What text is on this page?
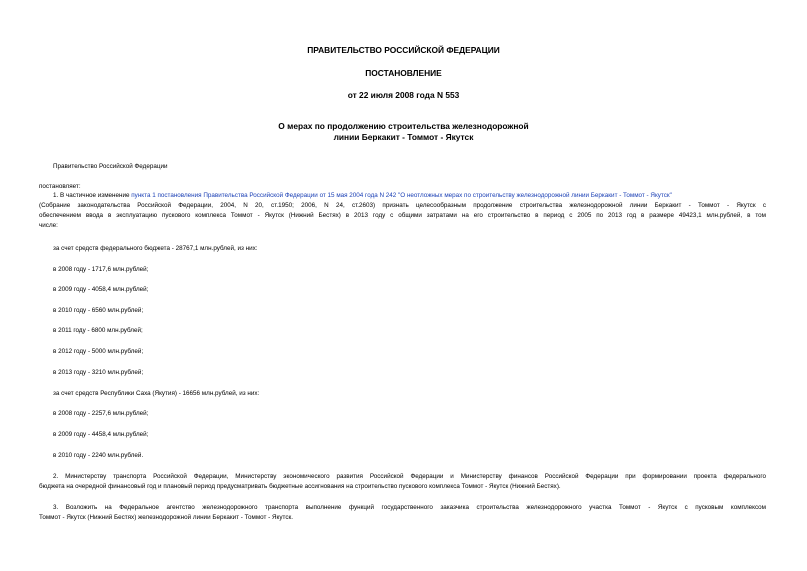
ПРАВИТЕЛЬСТВО РОССИЙСКОЙ ФЕДЕРАЦИИ
ПОСТАНОВЛЕНИЕ
от 22 июля 2008 года N 553
О мерах по продолжению строительства железнодорожной
линии Беркакит - Томмот - Якутск
Правительство Российской Федерации
постановляет:
1. В частичное изменение пункта 1 постановления Правительства Российской Федерации от 15 мая 2004 года N 242 "О неотложных мерах по строительству железнодорожной линии Беркакит - Томмот - Якутск"
(Собрание законодательства Российской Федерации, 2004, N 20, ст.1950; 2006, N 24, ст.2603) признать целесообразным продолжение строительства железнодорожной линии Беркакит - Томмот - Якутск с
обеспечением ввода в эксплуатацию пускового комплекса Томмот - Якутск (Нижний Бестях) в 2013 году с общими затратами на его строительство в период с 2005 по 2013 год в размере 49423,1 млн.рублей, в том
числе:
за счет средств федерального бюджета - 28767,1 млн.рублей, из них:
в 2008 году - 1717,6 млн.рублей;
в 2009 году - 4058,4 млн.рублей;
в 2010 году - 6560 млн.рублей;
в 2011 году - 6800 млн.рублей;
в 2012 году - 5000 млн.рублей;
в 2013 году - 3210 млн.рублей;
за счет средств Республики Саха (Якутия) - 16656 млн.рублей, из них:
в 2008 году - 2257,6 млн.рублей;
в 2009 году - 4458,4 млн.рублей;
в 2010 году - 2240 млн.рублей.
2. Министерству транспорта Российской Федерации, Министерству экономического развития Российской Федерации и Министерству финансов Российской Федерации при формировании проекта федерального
бюджета на очередной финансовый год и плановый период предусматривать бюджетные ассигнования на строительство пускового комплекса Томмот - Якутск (Нижний Бестях).
3. Возложить на Федеральное агентство железнодорожного транспорта выполнение функций государственного заказчика строительства железнодорожного участка Томмот - Якутск с пусковым комплексом
Томмот - Якутск (Нижний Бестях) железнодорожной линии Беркакит - Томмот - Якутск.
